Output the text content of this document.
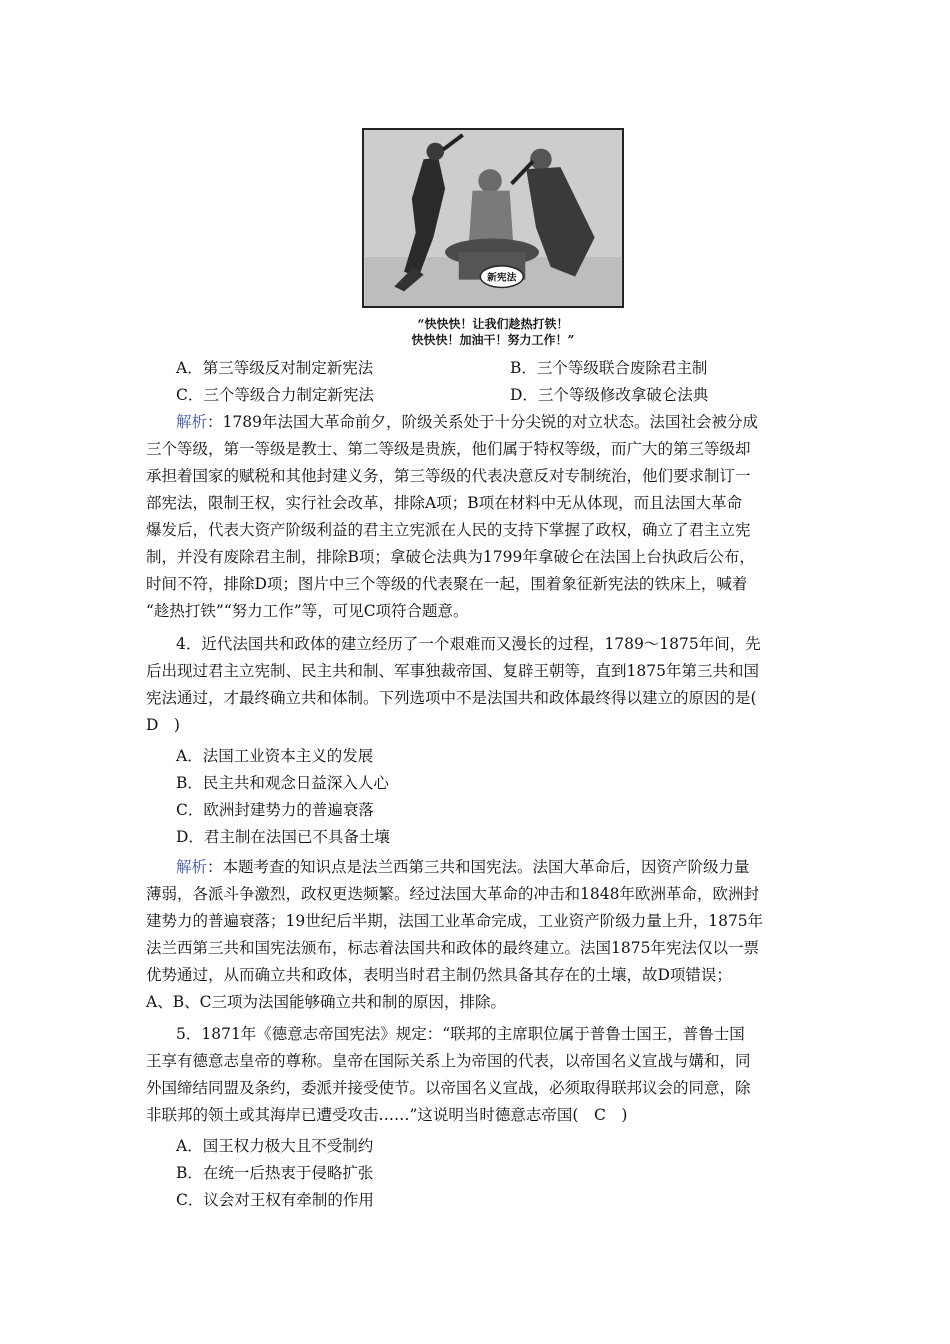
新宪法
“快快快！让我们趁热打铁！
快快快！加油干！努力工作！”
A．第三等级反对制定新宪法	B．三个等级联合废除君主制
C．三个等级合力制定新宪法	D．三个等级修改拿破仑法典
解析：1789年法国大革命前夕，阶级关系处于十分尖锐的对立状态。法国社会被分成
三个等级，第一等级是教士、第二等级是贵族，他们属于特权等级，而广大的第三等级却
承担着国家的赋税和其他封建义务，第三等级的代表决意反对专制统治，他们要求制订一
部宪法，限制王权，实行社会改革，排除A项；B项在材料中无从体现，而且法国大革命
爆发后，代表大资产阶级利益的君主立宪派在人民的支持下掌握了政权，确立了君主立宪
制，并没有废除君主制，排除B项；拿破仑法典为1799年拿破仑在法国上台执政后公布，
时间不符，排除D项；图片中三个等级的代表聚在一起，围着象征新宪法的铁床上，喊着
“趁热打铁”“努力工作”等，可见C项符合题意。
4．近代法国共和政体的建立经历了一个艰难而又漫长的过程，1789～1875年间，先
后出现过君主立宪制、民主共和制、军事独裁帝国、复辟王朝等，直到1875年第三共和国
宪法通过，才最终确立共和体制。下列选项中不是法国共和政体最终得以建立的原因的是(
D　)
A．法国工业资本主义的发展
B．民主共和观念日益深入人心
C．欧洲封建势力的普遍衰落
D．君主制在法国已不具备土壤
解析：本题考查的知识点是法兰西第三共和国宪法。法国大革命后，因资产阶级力量
薄弱，各派斗争激烈，政权更迭频繁。经过法国大革命的冲击和1848年欧洲革命，欧洲封
建势力的普遍衰落；19世纪后半期，法国工业革命完成，工业资产阶级力量上升，1875年
法兰西第三共和国宪法颁布，标志着法国共和政体的最终建立。法国1875年宪法仅以一票
优势通过，从而确立共和政体，表明当时君主制仍然具备其存在的土壤，故D项错误；
A、B、C三项为法国能够确立共和制的原因，排除。
5．1871年《德意志帝国宪法》规定：“联邦的主席职位属于普鲁士国王，普鲁士国
王享有德意志皇帝的尊称。皇帝在国际关系上为帝国的代表，以帝国名义宣战与媾和，同
外国缔结同盟及条约，委派并接受使节。以帝国名义宣战，必须取得联邦议会的同意，除
非联邦的领土或其海岸已遭受攻击……”这说明当时德意志帝国(　C　)
A．国王权力极大且不受制约
B．在统一后热衷于侵略扩张
C．议会对王权有牵制的作用
